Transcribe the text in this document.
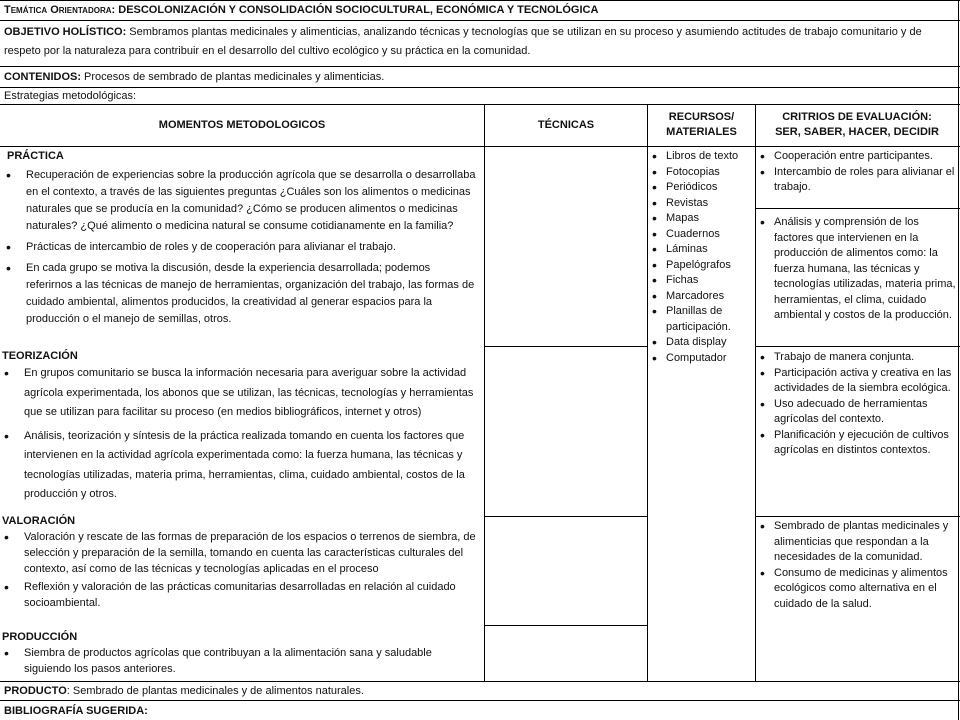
Temática Orientadora: DESCOLONIZACIÓN Y CONSOLIDACIÓN SOCIOCULTURAL, ECONÓMICA Y TECNOLÓGICA
OBJETIVO HOLÍSTICO: Sembramos plantas medicinales y alimenticias, analizando técnicas y tecnologías que se utilizan en su proceso y asumiendo actitudes de trabajo comunitario y de respeto por la naturaleza para contribuir en el desarrollo del cultivo ecológico y su práctica en la comunidad.
CONTENIDOS: Procesos de sembrado de plantas medicinales y alimenticias.
Estrategias metodológicas:
MOMENTOS METODOLOGICOS	TÉCNICAS
RECURSOS/
MATERIALES
CRITRIOS DE EVALUACIÓN:
SER, SABER, HACER, DECIDIR
PRÁCTICA
• Recuperación de experiencias sobre la producción agrícola que se desarrolla o desarrollaba en el contexto, a través de las siguientes preguntas ¿Cuáles son los alimentos o medicinas naturales que se producía en la comunidad? ¿Cómo se producen alimentos o medicinas naturales? ¿Qué alimento o medicina natural se consume cotidianamente en la familia?
• Prácticas de intercambio de roles y de cooperación para alivianar el trabajo.
• En cada grupo se motiva la discusión, desde la experiencia desarrollada; podemos referirnos a las técnicas de manejo de herramientas, organización del trabajo, las formas de cuidado ambiental, alimentos producidos, la creatividad al generar espacios para la producción o el manejo de semillas, otros.
TEORIZACIÓN
• En grupos comunitario se busca la información necesaria para averiguar sobre la actividad agrícola experimentada, los abonos que se utilizan, las técnicas, tecnologías y herramientas que se utilizan para facilitar su proceso (en medios bibliográficos, internet y otros)
• Análisis, teorización y síntesis de la práctica realizada tomando en cuenta los factores que intervienen en la actividad agrícola experimentada como: la fuerza humana, las técnicas y tecnologías utilizadas, materia prima, herramientas, clima, cuidado ambiental, costos de la producción y otros.
VALORACIÓN
• Valoración y rescate de las formas de preparación de los espacios o terrenos de siembra, de selección y preparación de la semilla, tomando en cuenta las características culturales del contexto, así como de las técnicas y tecnologías aplicadas en el proceso
• Reflexión y valoración de las prácticas comunitarias desarrolladas en relación al cuidado socioambiental.
PRODUCCIÓN
• Siembra de productos agrícolas que contribuyan a la alimentación sana y saludable siguiendo los pasos anteriores.
• Libros de texto
• Fotocopias
• Periódicos
• Revistas
• Mapas
• Cuadernos
• Láminas
• Papelógrafos
• Fichas
• Marcadores
• Planillas de participación.
• Data display
• Computador
• Cooperación entre participantes.
• Intercambio de roles para alivianar el trabajo.
• Análisis y comprensión de los factores que intervienen en la producción de alimentos como: la fuerza humana, las técnicas y tecnologías utilizadas, materia prima, herramientas, el clima, cuidado ambiental y costos de la producción.
• Trabajo de manera conjunta.
• Participación activa y creativa en las actividades de la siembra ecológica.
• Uso adecuado de herramientas agrícolas del contexto.
• Planificación y ejecución de cultivos agrícolas en distintos contextos.
• Sembrado de plantas medicinales y alimenticias que respondan a la necesidades de la comunidad.
• Consumo de medicinas y alimentos ecológicos como alternativa en el cuidado de la salud.
PRODUCTO: Sembrado de plantas medicinales y de alimentos naturales.
BIBLIOGRAFÍA SUGERIDA:
